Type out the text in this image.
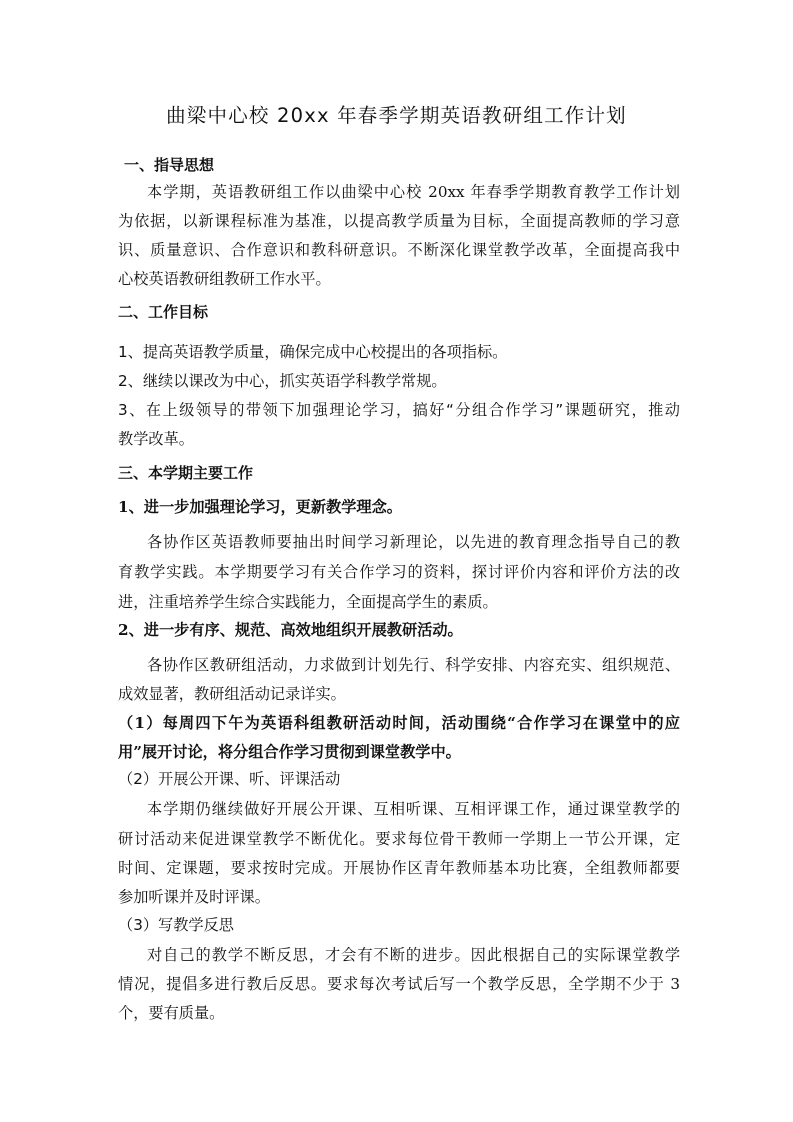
曲梁中心校 20xx 年春季学期英语教研组工作计划
一、指导思想
本学期，英语教研组工作以曲梁中心校 20xx 年春季学期教育教学工作计划
为依据，以新课程标准为基准，以提高教学质量为目标，全面提高教师的学习意
识、质量意识、合作意识和教科研意识。不断深化课堂教学改革，全面提高我中
心校英语教研组教研工作水平。
二、工作目标
1、提高英语教学质量，确保完成中心校提出的各项指标。
2、继续以课改为中心，抓实英语学科教学常规。
3、在上级领导的带领下加强理论学习，搞好“分组合作学习”课题研究，推动
教学改革。
三、本学期主要工作
1、进一步加强理论学习，更新教学理念。
各协作区英语教师要抽出时间学习新理论，以先进的教育理念指导自己的教
育教学实践。本学期要学习有关合作学习的资料，探讨评价内容和评价方法的改
进，注重培养学生综合实践能力，全面提高学生的素质。
2、进一步有序、规范、高效地组织开展教研活动。
各协作区教研组活动，力求做到计划先行、科学安排、内容充实、组织规范、
成效显著，教研组活动记录详实。
（1）每周四下午为英语科组教研活动时间，活动围绕“合作学习在课堂中的应
用”展开讨论，将分组合作学习贯彻到课堂教学中。
（2）开展公开课、听、评课活动
本学期仍继续做好开展公开课、互相听课、互相评课工作，通过课堂教学的
研讨活动来促进课堂教学不断优化。要求每位骨干教师一学期上一节公开课，定
时间、定课题，要求按时完成。开展协作区青年教师基本功比赛，全组教师都要
参加听课并及时评课。
（3）写教学反思
对自己的教学不断反思，才会有不断的进步。因此根据自己的实际课堂教学
情况，提倡多进行教后反思。要求每次考试后写一个教学反思，全学期不少于 3
个，要有质量。
